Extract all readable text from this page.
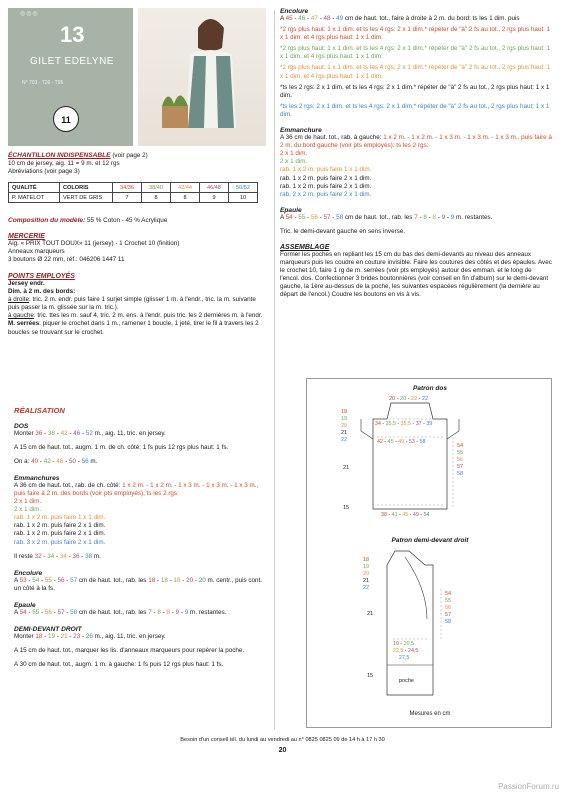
◎◎◎
13
GILET EDELYNE
N° 703 - T26 - T95
11

ÉCHANTILLON INDISPENSABLE (voir page 2)

10 cm de jersey, aig. 11 = 9 m. et 12 rgs

Abréviations (voir page 3)

QUALITÉ	COLORIS	34/36	38/40	42/44	46/48	50/52
P. MATELOT	VERT DE GRIS	7	8	8	9	10

Composition du modèle: 55 % Coton - 45 % Acrylique

MERCERIE

Aig. « PRIX TOUT DOUX» 11 (jersey) - 1 Crochet 10 (finition)

Anneaux marqueurs

3 boutons Ø 22 mm, réf.: 046206 1447 11

POINTS EMPLOYÉS

Jersey endr.

Dim. à 2 m. des bords:

à droite: tric. 2 m. endr. puis faire 1 surjet simple (glisser 1 m. à l'endr., tric. la m. suivante puis passer la m. glissée sur la m. tric.).

à gauche: tric. ttes les m. sauf 4, tric. 2 m. ens. à l'endr. puis tric. les 2 dernières m. à l'endr.

M. serrées: piquer le crochet dans 1 m., ramener 1 boucle, 1 jeté, tirer le fil à travers les 2 boucles se trouvant sur le crochet.

RÉALISATION

DOS

Monter 36 - 38 - 42 - 46 - 52 m., aig. 11, tric. en jersey.

A 15 cm de haut. tot., augm. 1 m. de ch. côté: 1 fs puis 12 rgs plus haut: 1 fs.

On a: 40 - 42 - 46 - 50 - 56 m.

Emmanchures

A 36 cm de haut. tot., rab. de ch. côté: 1 x 2 m. - 1 x 2 m. - 1 x 3 m. - 1 x 3 m. - 1 x 3 m., puis faire à 2 m. des bords (voir pts employés), ts les 2 rgs:

2 x 1 dim.

2 x 1 dim.

rab. 1 x 2 m. puis faire 1 x 1 dim.

rab. 1 x 2 m. puis faire 2 x 1 dim.

rab. 1 x 2 m. puis faire 2 x 1 dim.

rab. 3 x 2 m. puis faire 2 x 1 dim.

Il reste 32 - 34 - 34 - 36 - 38 m.

Encolure

A 53 - 54 - 55 - 56 - 57 cm de haut. tot., rab. les 18 - 18 - 18 - 20 - 20 m. centr., puis cont. un côté à la fs.

Epaule

A 54 - 55 - 56 - 57 - 58 cm de haut. tot., rab. les 7 - 8 - 8 - 9 - 9 m. restantes.

DEMI-DEVANT DROIT

Monter 18 - 19 - 21 - 23 - 26 m., aig. 11, tric. en jersey.

A 15 cm de haut. tot., marquer les lis. d'anneaux marqueurs pour repérer la poche.

A 30 cm de haut. tot., augm. 1 m. à gauche: 1 fs puis 12 rgs plus haut: 1 fs.

Encolure

A 45 - 46 - 47 - 48 - 49 cm de haut. tot., faire à droite à 2 m. du bord: ts les 1 dim. puis

*2 rgs plus haut: 1 x 1 dim. et ts les 4 rgs: 2 x 1 dim.* répéter de "à" 2 fs au tot., 2 rgs plus haut: 1 x 1 dim. et 4 rgs plus haut: 1 x 1 dim.

*2 rgs plus haut: 1 x 1 dim. et ts les 4 rgs: 2 x 1 dim.* répéter de "à" 2 fs au tot., 2 rgs plus haut: 1 x 1 dim. et 4 rgs plus haut: 1 x 1 dim.

*2 rgs plus haut: 1 x 1 dim. et ts les 4 rgs: 2 x 1 dim.* répéter de "à" 2 fs au tot., 2 rgs plus haut: 1 x 1 dim. et 4 rgs plus haut: 1 x 1 dim.

*ts les 2 rgs: 2 x 1 dim. et ts les 4 rgs: 2 x 1 dim.* répéter de "à" 2 fs au tot., 2 rgs plus haut: 1 x 1 dim.

*ts les 2 rgs: 2 x 1 dim. et ts les 4 rgs: 2 x 1 dim.* répéter de "à" 2 fs au tot., 2 rgs plus haut: 1 x 1 dim.

Emmanchure

A 36 cm de haut. tot., rab. à gauche: 1 x 2 m. - 1 x 2 m. - 1 x 3 m. - 1 x 3 m. - 1 x 3 m., puis faire à 2 m. du bord gauche (voir pts employés): ts les 2 rgs:

2 x 1 dim.

2 x 1 dim.

rab. 1 x 2 m. puis faire 1 x 1 dim.

rab. 1 x 2 m. puis faire 2 x 1 dim.

rab. 1 x 2 m. puis faire 2 x 1 dim.

rab. 2 x 2 m. puis faire 2 x 1 dim.

Epaule

A 54 - 55 - 56 - 57 - 58 cm de haut. tot., rab. les 7 - 8 - 8 - 9 - 9 m. restantes.

Tric. le demi-devant gauche en sens inverse.

ASSEMBLAGE

Former les poches en repliant les 15 cm du bas des demi-devants au niveau des anneaux marqueurs puis les coudre en couture invisible. Faire les coutures des côtés et des épaules. Avec le crochet 10, faire 1 rg de m. serrées (voir pts employés) autour des emman. et le long de l'encol. dos. Confectionner 3 brides boutonnières (voir conseil en fin d'album) sur le demi-devant gauche, la 1ère au-dessus de la poche, les suivantes espacées régulièrement (la dernière au départ de l'encol.) Coudre les boutons en vis à vis.

Patron dos
20 - 20 - 22 - 22
18
19
20
21
22
34 - 35,5 - 35,5 - 37 - 39
42 - 45 - 49 - 53 - 58
54
55
56
57
58
21
15
38 - 41 - 45 - 49 - 54
Patron demi-devant droit
18
19
20
21
22
54
55
56
57
58
21
15
19 - 20,5
22,5 - 24,5
27,5
poche
Mesures en cm
Besoin d'un conseil tél. du lundi au vendredi au n° 0825 0825 09 de 14 h à 17 h 30
20
PassionForum.ru
